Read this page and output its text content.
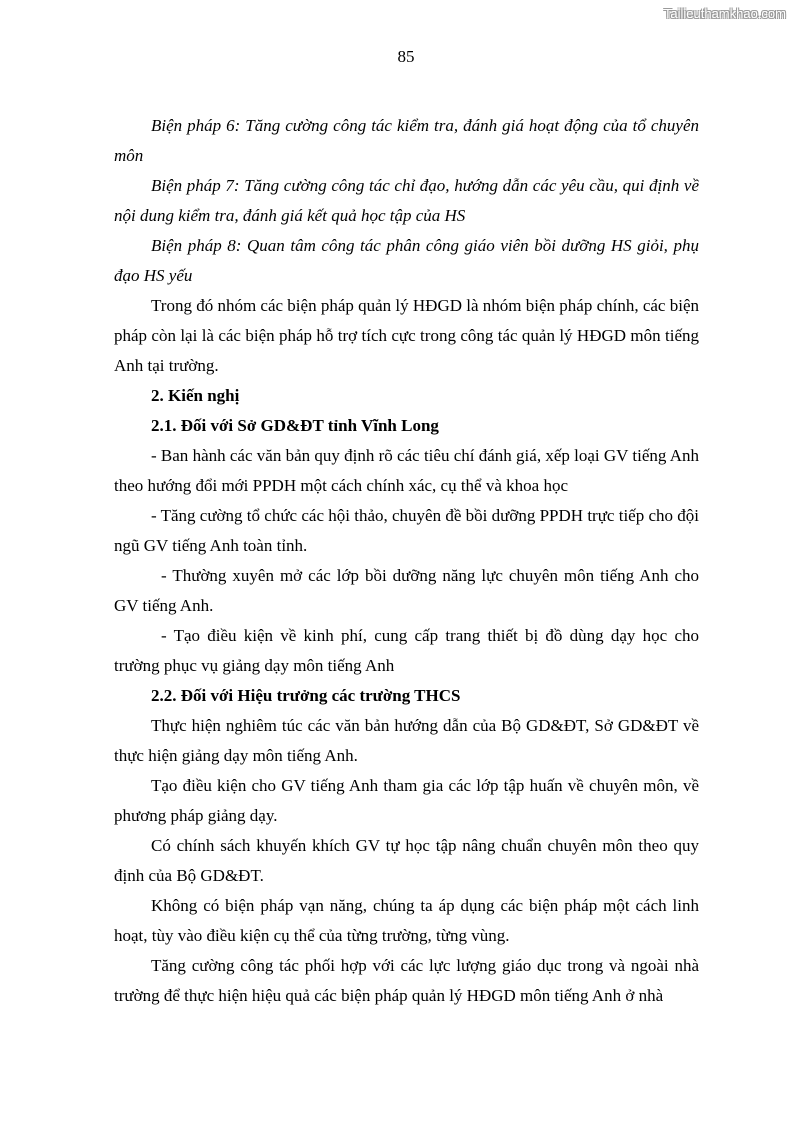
Tailieuthamkhao.com
85

Biện pháp 6: Tăng cường công tác kiểm tra, đánh giá hoạt động của tổ chuyên môn

Biện pháp 7: Tăng cường công tác chỉ đạo, hướng dẫn các yêu cầu, qui định về nội dung kiểm tra, đánh giá kết quả học tập của HS

Biện pháp 8: Quan tâm công tác phân công giáo viên bồi dưỡng HS giỏi, phụ đạo HS yếu

Trong đó nhóm các biện pháp quản lý HĐGD là nhóm biện pháp chính, các biện pháp còn lại là các biện pháp hỗ trợ tích cực trong công tác quản lý HĐGD môn tiếng Anh tại trường.

2. Kiến nghị

2.1. Đối với Sở GD&ĐT tỉnh Vĩnh Long

- Ban hành các văn bản quy định rõ các tiêu chí đánh giá, xếp loại GV tiếng Anh theo hướng đổi mới PPDH một cách chính xác, cụ thể và khoa học

- Tăng cường tổ chức các hội thảo, chuyên đề bồi dưỡng PPDH trực tiếp cho đội ngũ GV tiếng Anh toàn tỉnh.

- Thường xuyên mở các lớp bồi dưỡng năng lực chuyên môn tiếng Anh cho GV tiếng Anh.

- Tạo điều kiện về kinh phí, cung cấp trang thiết bị đồ dùng dạy học cho trường phục vụ giảng dạy môn tiếng Anh

2.2. Đối với Hiệu trưởng các trường THCS

Thực hiện nghiêm túc các văn bản hướng dẫn của Bộ GD&ĐT, Sở GD&ĐT về thực hiện giảng dạy môn tiếng Anh.

Tạo điều kiện cho GV tiếng Anh tham gia các lớp tập huấn về chuyên môn, về phương pháp giảng dạy.

Có chính sách khuyến khích GV tự học tập nâng chuẩn chuyên môn theo quy định của Bộ GD&ĐT.

Không có biện pháp vạn năng, chúng ta áp dụng các biện pháp một cách linh hoạt, tùy vào điều kiện cụ thể của từng trường, từng vùng.

Tăng cường công tác phối hợp với các lực lượng giáo dục trong và ngoài nhà trường để thực hiện hiệu quả các biện pháp quản lý HĐGD môn tiếng Anh ở nhà
